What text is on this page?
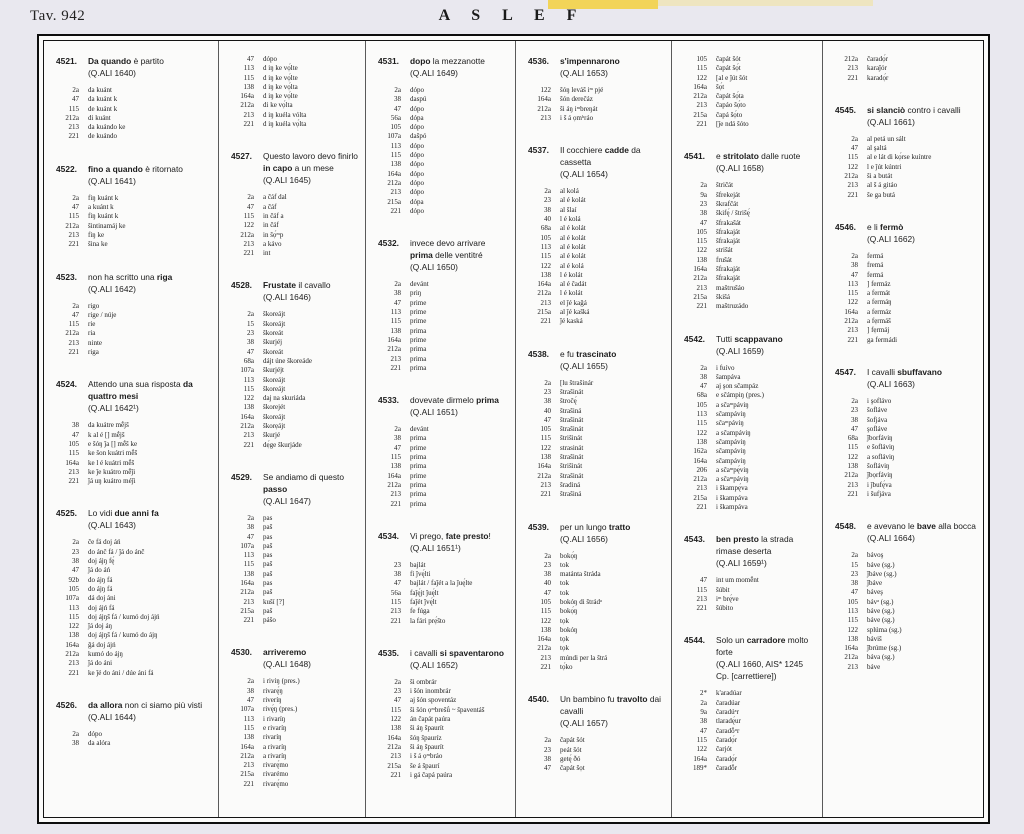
Tav. 942	A S L E F
4521.	Da quando è partito
(Q.ALI 1640)
2a da kuánt
47 da kuánt k
115 de kuánt k
212a di kuánt
213 da kuándo ke
221 de kuándo
4522.	fino a quando è ritornato
(Q.ALI 1641)
2a fiŋ kuánt k
47 a kuánt k
115 fiŋ kuánt k
212a šintinamáj ke
213 fiŋ ke
221 šina ke
4523.	non ha scritto una riga
(Q.ALI 1642)
2a rigo
47 rige / núje
115 rie
212a ria
213 ninte
221 riga
4524.	Attendo una sua risposta da quattro mesi
(Q.ALI 1642¹)
38 da kuátre mḗjš
47 k al é [] mḗjš
105 e šóŋ ǰa [] mḗš ke
115 ke šon kuátri mḗš
164a ke l é kuátri mḗš
213 ke ǰe kuátro mḗǰi
221 ǰá uŋ kuátro méǰi
4525.	Lo vidi due anni fa
(Q.ALI 1643)
2a če fá doj áń
23 do ánč fá / ǰá do ánč
38 doj ájŋ fę́
47 ǰá do áń
92b do ájŋ fá
105 do ájŋ fá
107a dá doj áni
113 doj ájń fá
115 doj ájŋš fá / kumó doj ájń
122 ǰá doj áŋ
138 doj ájŋš fá / kumó do ájŋ
164a ǧá doj ájń
212a kumó do ájŋ
213 ǰá do áni
221 ke ǰé do áni / dúe áni fá
4526.	da allora non ci siamo più visti
(Q.ALI 1644)
2a dópo
38 da alóra
47 dópo
113 d iŋ ke vọ́lte
115 d iŋ ke vọ́lte
138 d iŋ ke vọ́lta
164a d iŋ ke vọ́lte
212a di ke vọ́lta
213 d iŋ kuéla vólta
221 d iŋ kuéla vọ́lta
4527.	Questo lavoro devo finirlo in capo a un mese
(Q.ALI 1645)
2a a čáf dal
47 a čáf
115 in čáf a
122 in čáf
212a in šọ́ᵐp
213 a kávo
221 int
4528.	Frustate il cavallo
(Q.ALI 1646)
2a škoreájt
15 škoreájt
23 škoreát
38 škurjéj
47 škoreát
68a dájt úne škoreáde
107a škurjéjt
113 škoreájt
115 škoreájt
122 daj na skuriáda
138 škorejét
164a škoreájt
212a škorẹájt
213 škurjé
221 dẹ́ge škurjáde
4529.	Se andiamo di questo passo
(Q.ALI 1647)
2a pas
38 paš
47 pas
107a paš
113 pas
115 paš
138 paš
164a pas
212a paš
213 kuší [?]
215a paš
221 pášo
4530.	arriveremo
(Q.ALI 1648)
2a i riviŋ (pres.)
38 rivarę́ŋ
47 riveríŋ
107a rivę́ŋ (pres.)
113 i rivaríŋ
115 e rivaríŋ
138 rivaríŋ
164a a rivaríŋ
212a a rivaríŋ
213 rivarę́mo
215a rivarémo
221 rivarę́mo
4531.	dopo la mezzanotte
(Q.ALI 1649)
2a dópo
38 daspú
47 dópo
56a dópa
105 dópo
107a dašpó
113 dópo
115 dópo
138 dópo
164a dópo
212a dópo
213 dópo
215a dópa
221 dópo
4532.	invece devo arrivare prima delle ventitré
(Q.ALI 1650)
2a devánt
38 priŋ
47 prime
113 prime
115 prime
138 prima
164a prime
212a prima
213 prima
221 prima
4533.	dovevate dirmelo prima
(Q.ALI 1651)
2a devánt
38 prima
47 prime
115 prima
138 prima
164a prime
212a prima
213 prima
221 prima
4534.	Vi prego, fate presto!
(Q.ALI 1651¹)
23 bajlát
38 fi ǰvę́lti
47 bajlát / faǰét a la ǰuę́lte
56a faǰę́jt ǰuę́lt
115 faǰét ǰvę́lt
213 fe fúga
221 la fári prẹ́što
4535.	i cavalli si spaventarono
(Q.ALI 1652)
2a ši ombrár
23 i šón inombrár
47 aj šón spoventáz
115 ši šón ọᵐbrešǘ ~ špaventáš
122 án čapát paúra
138 ši áŋ špaurít
164a šóŋ špauríz
212a ši áŋ špaurít
213 i š á ọᵐbráo
215a še á špaurí
221 i gá čapá paúra
4536.	s'impennarono
(Q.ALI 1653)
122 šóŋ leváš iᵐ pjé
164a šón derečáz
212a ši áŋ iᵐbreŋát
213 i š á ọmᵇráo
4537.	Il cocchiere cadde da cassetta
(Q.ALI 1654)
2a al kolá
23 al é kolát
38 al šlaí
40 l é kolá
68a al é kolát
105 al é kolát
113 al é kolát
115 al é kolát
122 al é kolá
138 l é kolát
164a al é čadát
212a l é kolát
213 el ǰé kaǧá
215a al ǰé kašká
221 ǰé kaská
4538.	e fu trascinato
(Q.ALI 1655)
2a [lu štrašinár
23 štrašinát
38 štročę́
40 štrašiná
47 štrašinát
105 štrašinát
115 štrišinát
122 strasinát
138 štrašinát
164a štrišinát
212a štrašinát
213 šradiná
221 štrašiná
4539.	per un lungo tratto
(Q.ALI 1656)
2a bokọ́ŋ
23 tok
38 matánta štráda
40 tok
47 tok
105 bokóŋ di štrádᵃ
115 bokọ́ŋ
122 tọk
138 bokóŋ
164a tọk
212a tọk
213 múndi per la štrá
221 tọ́ko
4540.	Un bambino fu travolto dai cavalli
(Q.ALI 1657)
2a čapát šót
23 peát šót
38 getę́ ðó
47 čapát šọt
105 čapát šót
115 čapát šọ́t
122 [al e ǰút šót
164a šọ́t
212a čapát šọ́ta
213 čapáo šọ́to
215a čapá šọ́to
221 [ǰe ndá šóto
4541.	e stritolato dalle ruote
(Q.ALI 1658)
2a štričát
9a šfrekeját
23 škrafčát
38 škifę́ / štrišę́
47 šfrakašát
105 šfrakaját
115 šfrakaját
122 strišát
138 frušát
164a šfrakaját
212a šfrakaját
213 maštrušáo
215a škišá
221 maštruzádo
4542.	Tutti scappavano
(Q.ALI 1659)
2a i fuívo
38 šampáva
47 aj şon sčampáz
68a e sčámpiŋ (pres.)
105 a sčaᵐpáviŋ
113 sčampáviŋ
115 sčaᵐpáviŋ
122 a sčampáviŋ
138 sčampáviŋ
162a sčampáviŋ
164a sčampáviŋ
206 a sčaᵐpę́viŋ
212a a sčaᵐpáviŋ
213 i škampę́va
215a i škampáva
221 i škampáva
4543.	ben presto la strada rimase deserta
(Q.ALI 1659¹)
47 int um momḗnt
115 šúbit
213 iᵐ brę́ve
221 šúbito
4544.	Solo un carradore molto forte
(Q.ALI 1660, AIS* 1245 Cp. [carrettiere])
2* k'aradúar
2a čaradúar
9a čaradúᵃr
38 tlaradę́ur
47 čaradṓᵘr
115 čaradọ́r
122 čarjót
164a čaradọ́r
189* čaradṓr
212a čaradọ́r
213 karaǰór
221 karadọ́r
4545.	si slanciò contro i cavalli
(Q.ALI 1661)
2a al petá un sált
47 al şaltá
115 al e lát di kọ́rse kuíntre
122 l e ǰút kúntri
212a ši a butát
213 al š á gitáo
221 še ga butá
4546.	e li fermò
(Q.ALI 1662)
2a fermá
38 fremá
47 fermá
113 ] fermáz
115 a fermát
122 a fermáŋ
164a a fermáz
212a a fẹrmáš
213 ] fẹrmáj
221 ga fermádi
4547.	I cavalli sbuffavano
(Q.ALI 1663)
2a i şoflávo
23 šofláve
38 šofjáva
47 şofláve
68a ǰborfáviŋ
115 e šofláviŋ
122 a sofláviŋ
138 šofláviŋ
212a ǰbọrfáviŋ
213 i ǰbufę́va
221 i šufjáva
4548.	e avevano le bave alla bocca
(Q.ALI 1664)
2a bávoş
15 báve (sg.)
23 ǰbáve (sg.)
38 ǰbáve
47 báveş
105 bávᵃ (sg.)
113 báve (sg.)
115 báve (sg.)
122 splúma (sg.)
138 báviš
164a ǰbrúme (sg.)
212a báva (sg.)
213 báve
